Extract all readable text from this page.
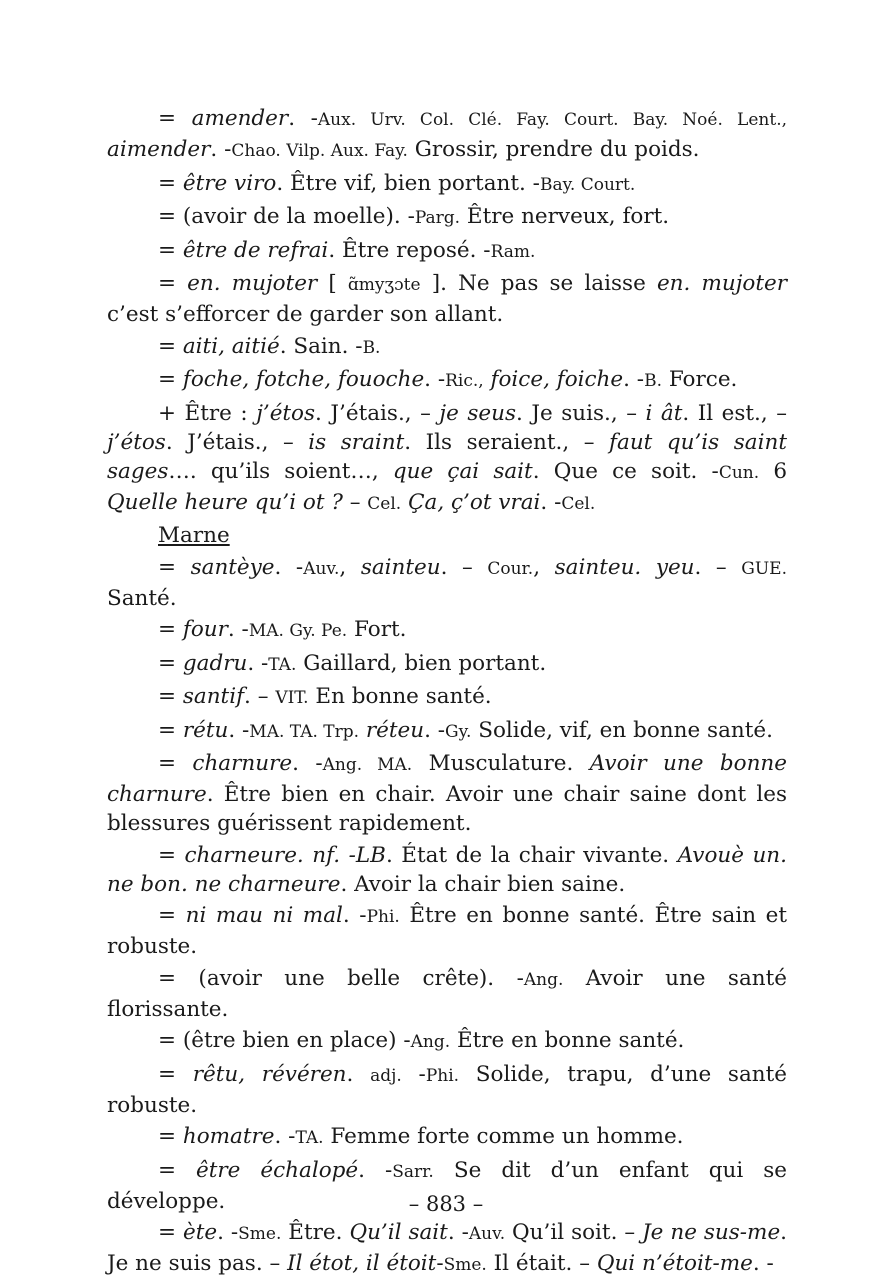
= amender. -Aux. Urv. Col. Clé. Fay. Court. Bay. Noé. Lent., aimender. -Chao. Vilp. Aux. Fay. Grossir, prendre du poids.

= être viro. Être vif, bien portant. -Bay. Court.

= (avoir de la moelle). -Parg. Être nerveux, fort.

= être de refrai. Être reposé. -Ram.

= en. mujoter [ ɑ̃myʒɔte ]. Ne pas se laisse en. mujoter c’est s’efforcer de garder son allant.

= aiti, aitié. Sain. -B.

= foche, fotche, fouoche. -Ric., foice, foiche. -B. Force.

+ Être : j’étos. J’étais., – je seus. Je suis., – i ât. Il est., – j’étos. J’étais., – is sraint. Ils seraient., – faut qu’is saint sages…. qu’ils soient…, que çai sait. Que ce soit. -Cun. 6 Quelle heure qu’i ot ? – Cel. Ça, ç’ot vrai. -Cel.

Marne

= santèye. -Auv., sainteu. – Cour., sainteu. yeu. – GUE. Santé.

= four. -MA. Gy. Pe. Fort.

= gadru. -TA. Gaillard, bien portant.

= santif. – VIT. En bonne santé.

= rétu. -MA. TA. Trp. réteu. -Gy. Solide, vif, en bonne santé.

= charnure. -Ang. MA. Musculature. Avoir une bonne charnure. Être bien en chair. Avoir une chair saine dont les blessures guérissent rapidement.

= charneure. nf. -LB. État de la chair vivante. Avouè un. ne bon. ne charneure. Avoir la chair bien saine.

= ni mau ni mal. -Phi. Être en bonne santé. Être sain et robuste.

= (avoir une belle crête). -Ang. Avoir une santé florissante.

= (être bien en place) -Ang. Être en bonne santé.

= rêtu, révéren. adj. -Phi. Solide, trapu, d’une santé robuste.

= homatre. -TA. Femme forte comme un homme.

= être échalopé. -Sarr. Se dit d’un enfant qui se développe.

= ète. -Sme. Être. Qu’il sait. -Auv. Qu’il soit. – Je ne sus-me. Je ne suis pas. – Il étot, il étoit-Sme. Il était. – Qui n’étoit-me. -

– 883 –
